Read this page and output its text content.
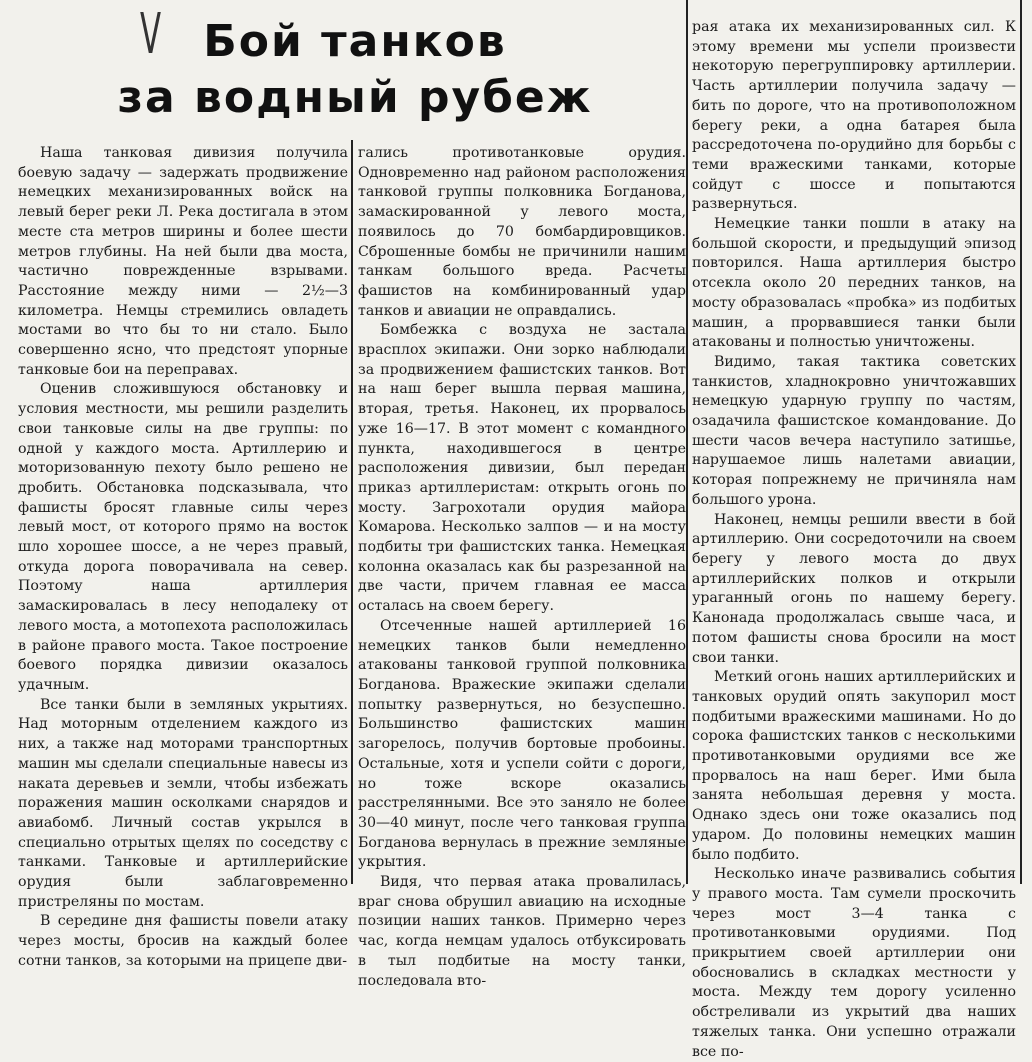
V Бой танков
за водный рубеж

Наша танковая дивизия получила боевую задачу — задержать продвижение немецких механизированных войск на левый берег реки Л. Река достигала в этом месте ста метров ширины и более шести метров глубины. На ней были два моста, частично поврежденные взрывами. Расстояние между ними — 2½—3 километра. Немцы стремились овладеть мостами во что бы то ни стало. Было совершенно ясно, что предстоят упорные танковые бои на переправах.

Оценив сложившуюся обстановку и условия местности, мы решили разделить свои танковые силы на две группы: по одной у каждого моста. Артиллерию и моторизованную пехоту было решено не дробить. Обстановка подсказывала, что фашисты бросят главные силы через левый мост, от которого прямо на восток шло хорошее шоссе, а не через правый, откуда дорога поворачивала на север. Поэтому наша артиллерия замаскировалась в лесу неподалеку от левого моста, а мотопехота расположилась в районе правого моста. Такое построение боевого порядка дивизии оказалось удачным.

Все танки были в земляных укрытиях. Над моторным отделением каждого из них, а также над моторами транспортных машин мы сделали специальные навесы из наката деревьев и земли, чтобы избежать поражения машин осколками снарядов и авиабомб. Личный состав укрылся в специально отрытых щелях по соседству с танками. Танковые и артиллерийские орудия были заблаговременно пристреляны по мостам.

В середине дня фашисты повели атаку через мосты, бросив на каждый более сотни танков, за которыми на прицепе дви-

гались противотанковые орудия. Одновременно над районом расположения танковой группы полковника Богданова, замаскированной у левого моста, появилось до 70 бомбардировщиков. Сброшенные бомбы не причинили нашим танкам большого вреда. Расчеты фашистов на комбинированный удар танков и авиации не оправдались.

Бомбежка с воздуха не застала врасплох экипажи. Они зорко наблюдали за продвижением фашистских танков. Вот на наш берег вышла первая машина, вторая, третья. Наконец, их прорвалось уже 16—17. В этот момент с командного пункта, находившегося в центре расположения дивизии, был передан приказ артиллеристам: открыть огонь по мосту. Загрохотали орудия майора Комарова. Несколько залпов — и на мосту подбиты три фашистских танка. Немецкая колонна оказалась как бы разрезанной на две части, причем главная ее масса осталась на своем берегу.

Отсеченные нашей артиллерией 16 немецких танков были немедленно атакованы танковой группой полковника Богданова. Вражеские экипажи сделали попытку развернуться, но безуспешно. Большинство фашистских машин загорелось, получив бортовые пробоины. Остальные, хотя и успели сойти с дороги, но тоже вскоре оказались расстрелянными. Все это заняло не более 30—40 минут, после чего танковая группа Богданова вернулась в прежние земляные укрытия.

Видя, что первая атака провалилась, враг снова обрушил авиацию на исходные позиции наших танков. Примерно через час, когда немцам удалось отбуксировать в тыл подбитые на мосту танки, последовала вто-

рая атака их механизированных сил. К этому времени мы успели произвести некоторую перегруппировку артиллерии. Часть артиллерии получила задачу — бить по дороге, что на противоположном берегу реки, а одна батарея была рассредоточена по-орудийно для борьбы с теми вражескими танками, которые сойдут с шоссе и попытаются развернуться.

Немецкие танки пошли в атаку на большой скорости, и предыдущий эпизод повторился. Наша артиллерия быстро отсекла около 20 передних танков, на мосту образовалась «пробка» из подбитых машин, а прорвавшиеся танки были атакованы и полностью уничтожены.

Видимо, такая тактика советских танкистов, хладнокровно уничтожавших немецкую ударную группу по частям, озадачила фашистское командование. До шести часов вечера наступило затишье, нарушаемое лишь налетами авиации, которая попрежнему не причиняла нам большого урона.

Наконец, немцы решили ввести в бой артиллерию. Они сосредоточили на своем берегу у левого моста до двух артиллерийских полков и открыли ураганный огонь по нашему берегу. Канонада продолжалась свыше часа, и потом фашисты снова бросили на мост свои танки.

Меткий огонь наших артиллерийских и танковых орудий опять закупорил мост подбитыми вражескими машинами. Но до сорока фашистских танков с несколькими противотанковыми орудиями все же прорвалось на наш берег. Ими была занята небольшая деревня у моста. Однако здесь они тоже оказались под ударом. До половины немецких машин было подбито.

Несколько иначе развивались события у правого моста. Там сумели проскочить через мост 3—4 танка с противотанковыми орудиями. Под прикрытием своей артиллерии они обосновались в складках местности у моста. Между тем дорогу усиленно обстреливали из укрытий два наших тяжелых танка. Они успешно отражали все по-
